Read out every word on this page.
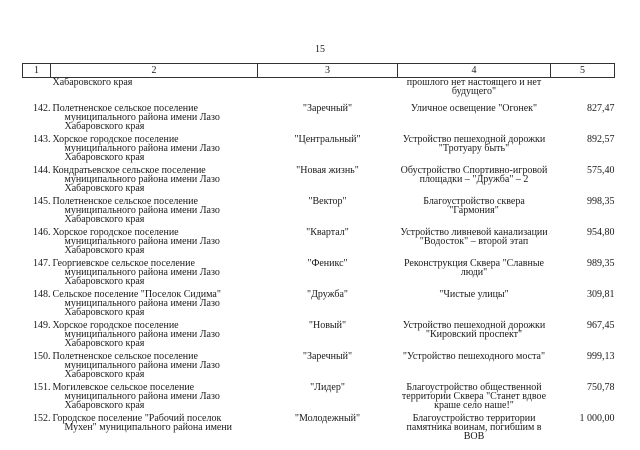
15
1	2	3	4	5
	Хабаровского края		прошлого нет настоящего и нет
будущего"	
142.	Полетненское сельское поселение
муниципального района имени Лазо
Хабаровского края	"Заречный"	Уличное освещение "Огонек"	827,47
143.	Хорское городское поселение
муниципального района имени Лазо
Хабаровского края	"Центральный"	Устройство пешеходной дорожки
"Тротуару быть"	892,57
144.	Кондратьевское сельское поселение
муниципального района имени Лазо
Хабаровского края	"Новая жизнь"	Обустройство Спортивно-игровой
площадки – "Дружба" – 2	575,40
145.	Полетненское сельское поселение
муниципального района имени Лазо
Хабаровского края	"Вектор"	Благоустройство сквера "Гармония"	998,35
146.	Хорское городское поселение
муниципального района имени Лазо
Хабаровского края	"Квартал"	Устройство ливневой канализации
"Водосток" – второй этап	954,80
147.	Георгиевское сельское поселение
муниципального района имени Лазо
Хабаровского края	"Феникс"	Реконструкция Сквера "Славные
люди"	989,35
148.	Сельское поселение "Поселок Сидима"
муниципального района имени Лазо
Хабаровского края	"Дружба"	"Чистые улицы"	309,81
149.	Хорское городское поселение
муниципального района имени Лазо
Хабаровского края	"Новый"	Устройство пешеходной дорожки
"Кировский проспект"	967,45
150.	Полетненское сельское поселение
муниципального района имени Лазо
Хабаровского края	"Заречный"	"Устройство пешеходного моста"	999,13
151.	Могилевское сельское поселение
муниципального района имени Лазо
Хабаровского края	"Лидер"	Благоустройство общественной
территории Сквера "Станет вдвое
краше село наше!"	750,78
152.	Городское поселение "Рабочий поселок
Мухен" муниципального района имени	"Молодежный"	Благоустройство территории
памятника воинам, погибшим в ВОВ	1 000,00
